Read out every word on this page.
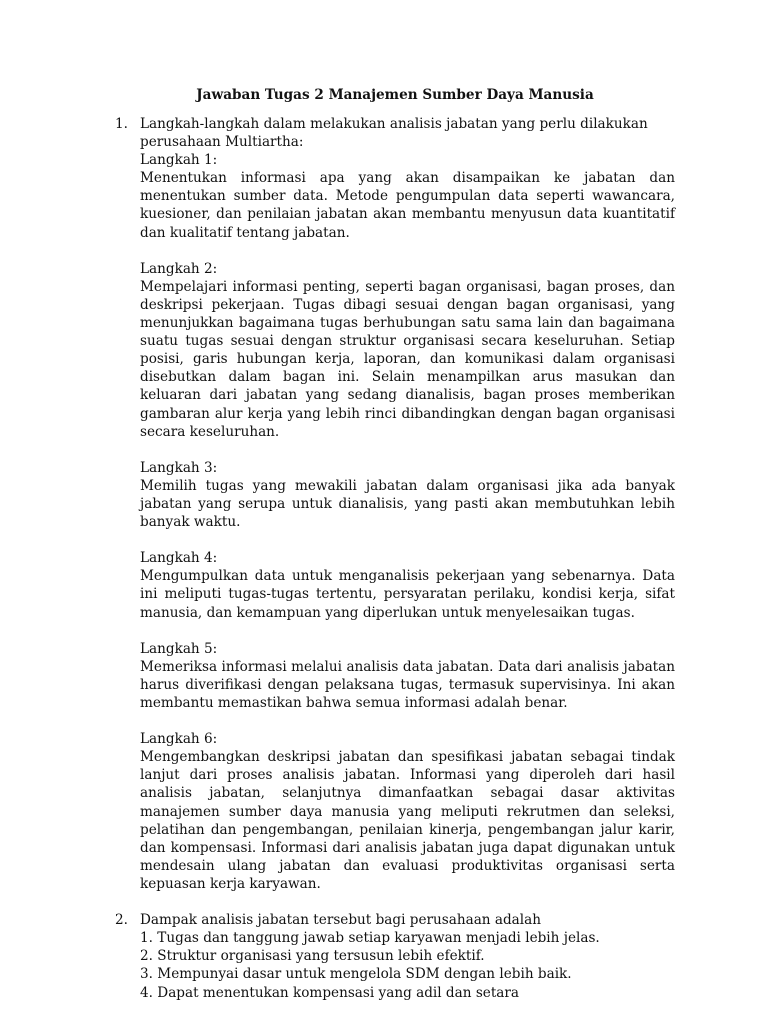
Jawaban Tugas 2 Manajemen Sumber Daya Manusia
1. Langkah-langkah dalam melakukan analisis jabatan yang perlu dilakukan perusahaan Multiartha:

Langkah 1:
Menentukan informasi apa yang akan disampaikan ke jabatan dan menentukan sumber data. Metode pengumpulan data seperti wawancara, kuesioner, dan penilaian jabatan akan membantu menyusun data kuantitatif dan kualitatif tentang jabatan.
Langkah 2:
Mempelajari informasi penting, seperti bagan organisasi, bagan proses, dan deskripsi pekerjaan. Tugas dibagi sesuai dengan bagan organisasi, yang menunjukkan bagaimana tugas berhubungan satu sama lain dan bagaimana suatu tugas sesuai dengan struktur organisasi secara keseluruhan. Setiap posisi, garis hubungan kerja, laporan, dan komunikasi dalam organisasi disebutkan dalam bagan ini. Selain menampilkan arus masukan dan keluaran dari jabatan yang sedang dianalisis, bagan proses memberikan gambaran alur kerja yang lebih rinci dibandingkan dengan bagan organisasi secara keseluruhan.
Langkah 3:
Memilih tugas yang mewakili jabatan dalam organisasi jika ada banyak jabatan yang serupa untuk dianalisis, yang pasti akan membutuhkan lebih banyak waktu.
Langkah 4:
Mengumpulkan data untuk menganalisis pekerjaan yang sebenarnya. Data ini meliputi tugas-tugas tertentu, persyaratan perilaku, kondisi kerja, sifat manusia, dan kemampuan yang diperlukan untuk menyelesaikan tugas.
Langkah 5:
Memeriksa informasi melalui analisis data jabatan. Data dari analisis jabatan harus diverifikasi dengan pelaksana tugas, termasuk supervisinya. Ini akan membantu memastikan bahwa semua informasi adalah benar.
Langkah 6:
Mengembangkan deskripsi jabatan dan spesifikasi jabatan sebagai tindak lanjut dari proses analisis jabatan. Informasi yang diperoleh dari hasil analisis jabatan, selanjutnya dimanfaatkan sebagai dasar aktivitas manajemen sumber daya manusia yang meliputi rekrutmen dan seleksi, pelatihan dan pengembangan, penilaian kinerja, pengembangan jalur karir, dan kompensasi. Informasi dari analisis jabatan juga dapat digunakan untuk mendesain ulang jabatan dan evaluasi produktivitas organisasi serta kepuasan kerja karyawan.
2. Dampak analisis jabatan tersebut bagi perusahaan adalah

1. Tugas dan tanggung jawab setiap karyawan menjadi lebih jelas.
2. Struktur organisasi yang tersusun lebih efektif.
3. Mempunyai dasar untuk mengelola SDM dengan lebih baik.
4. Dapat menentukan kompensasi yang adil dan setara
